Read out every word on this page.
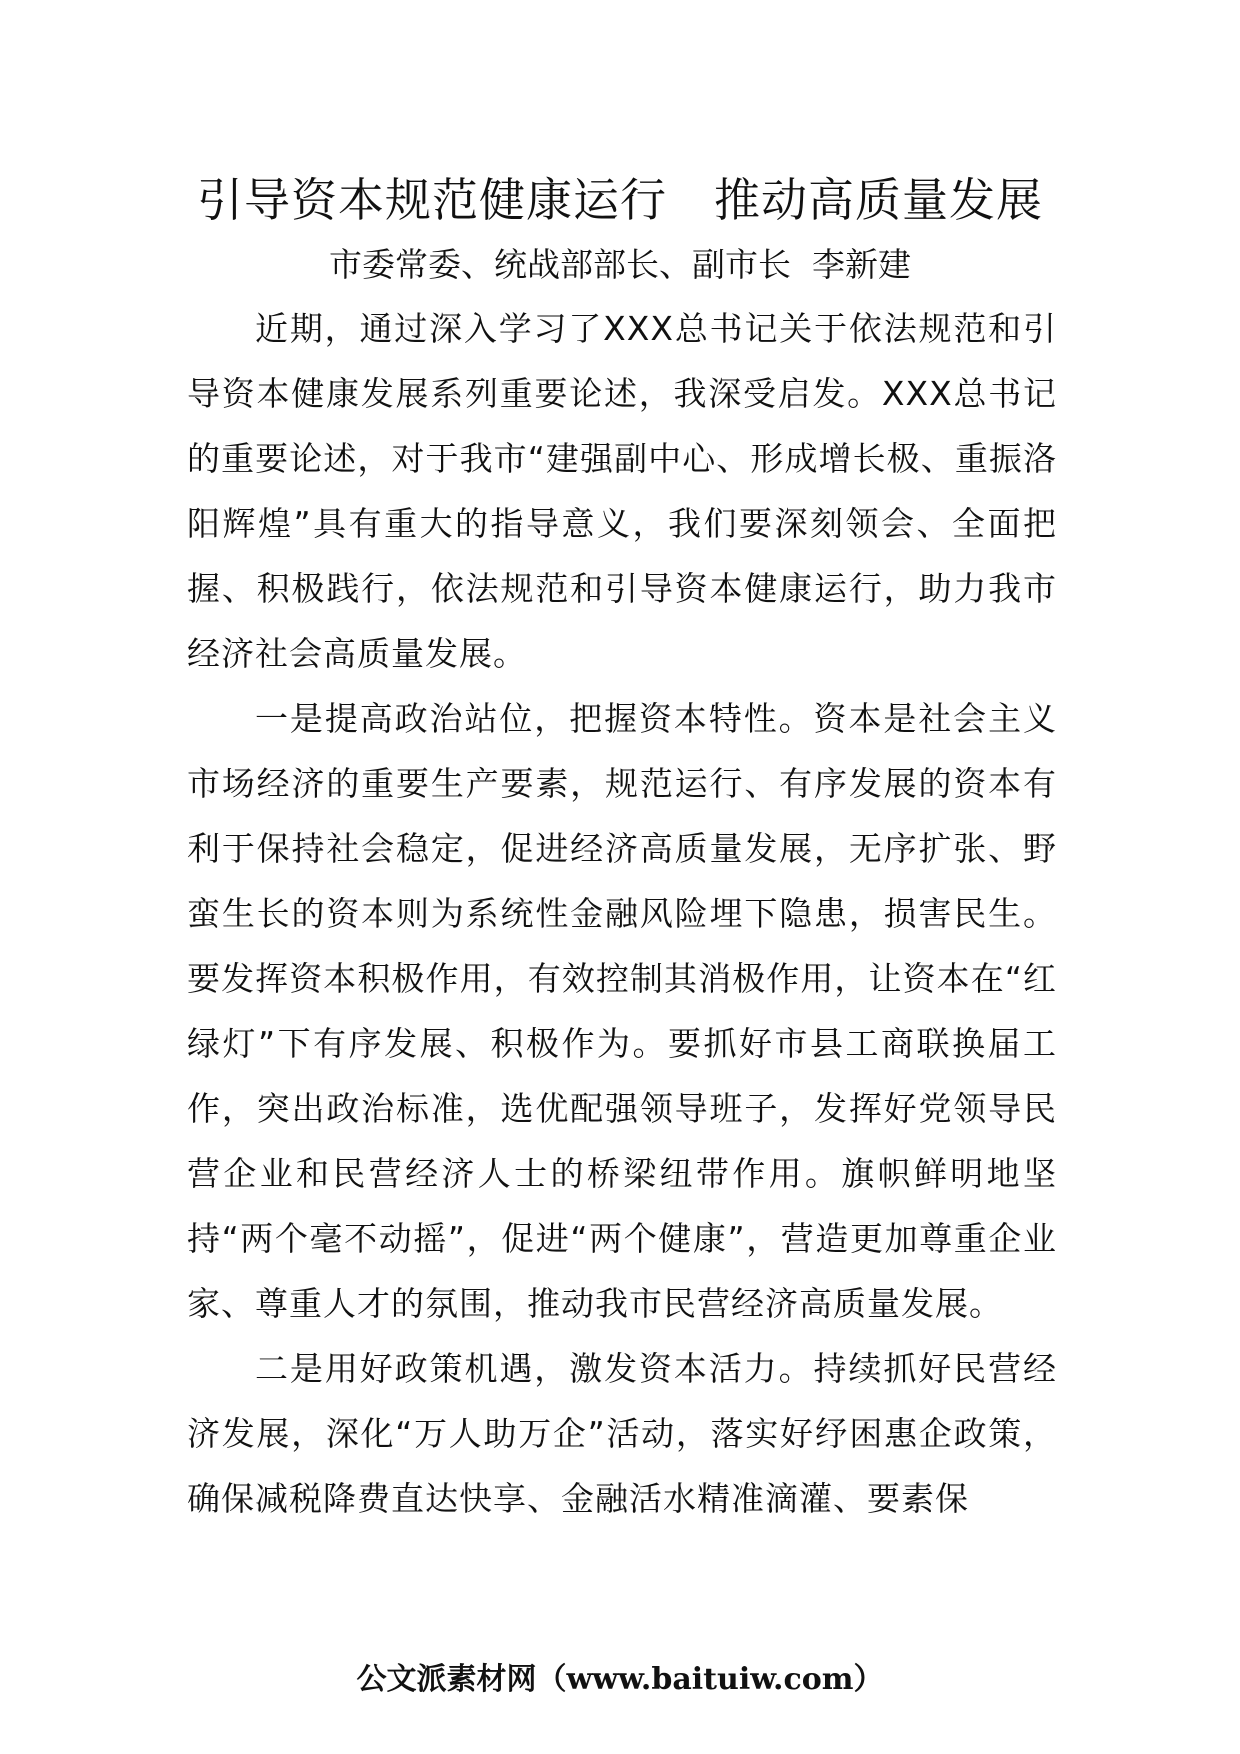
引导资本规范健康运行　推动高质量发展

市委常委、统战部部长、副市长  李新建

近期，通过深入学习了XXX总书记关于依法规范和引导资本健康发展系列重要论述，我深受启发。XXX总书记的重要论述，对于我市“建强副中心、形成增长极、重振洛阳辉煌”具有重大的指导意义，我们要深刻领会、全面把握、积极践行，依法规范和引导资本健康运行，助力我市经济社会高质量发展。

一是提高政治站位，把握资本特性。资本是社会主义市场经济的重要生产要素，规范运行、有序发展的资本有利于保持社会稳定，促进经济高质量发展，无序扩张、野蛮生长的资本则为系统性金融风险埋下隐患，损害民生。要发挥资本积极作用，有效控制其消极作用，让资本在“红绿灯”下有序发展、积极作为。要抓好市县工商联换届工作，突出政治标准，选优配强领导班子，发挥好党领导民营企业和民营经济人士的桥梁纽带作用。旗帜鲜明地坚持“两个毫不动摇”，促进“两个健康”，营造更加尊重企业家、尊重人才的氛围，推动我市民营经济高质量发展。

二是用好政策机遇，激发资本活力。持续抓好民营经济发展，深化“万人助万企”活动，落实好纾困惠企政策，确保减税降费直达快享、金融活水精准滴灌、要素保

公文派素材网（www.baituiw.com）
